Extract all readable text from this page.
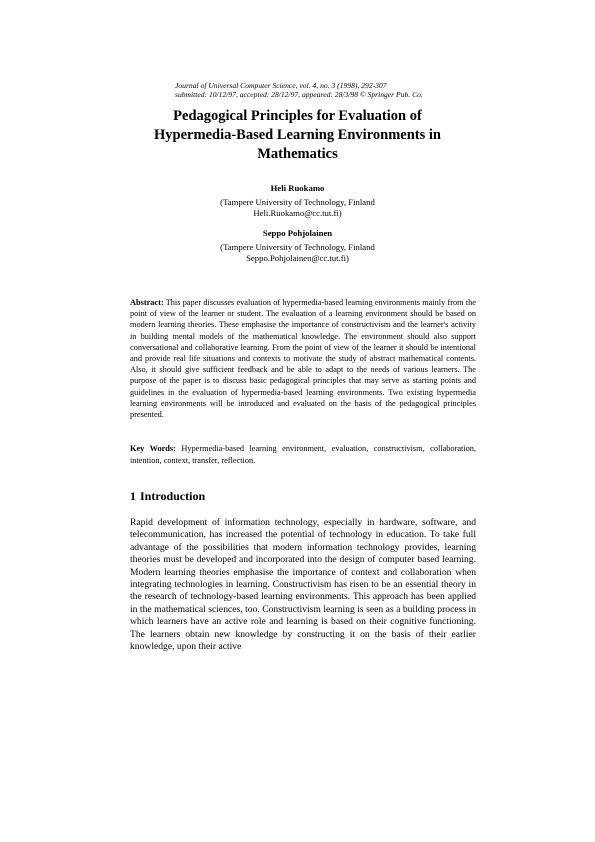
Journal of Universal Computer Science, vol. 4, no. 3 (1998), 292-307
submitted: 10/12/97, accepted: 28/12/97, appeared: 28/3/98 © Springer Pub. Co.
Pedagogical Principles for Evaluation of
Hypermedia-Based Learning Environments in
Mathematics
Heli Ruokamo
(Tampere University of Technology, Finland
Heli.Ruokamo@cc.tut.fi)
Seppo Pohjolainen
(Tampere University of Technology, Finland
Seppo.Pohjolainen@cc.tut.fi)
Abstract: This paper discusses evaluation of hypermedia-based learning environments mainly from the point of view of the learner or student. The evaluation of a learning environment should be based on modern learning theories. These emphasise the importance of constructivism and the learner's activity in building mental models of the mathematical knowledge. The environment should also support conversational and collaborative learning. From the point of view of the learner it should be intentional and provide real life situations and contexts to motivate the study of abstract mathematical contents. Also, it should give sufficient feedback and be able to adapt to the needs of various learners. The purpose of the paper is to discuss basic pedagogical principles that may serve as starting points and guidelines in the evaluation of hypermedia-based learning environments. Two existing hypermedia learning environments will be introduced and evaluated on the basis of the pedagogical principles presented.
Key Words: Hypermedia-based learning environment, evaluation, constructivism, collaboration, intention, context, transfer, reflection.
1 Introduction
Rapid development of information technology, especially in hardware, software, and telecommunication, has increased the potential of technology in education. To take full advantage of the possibilities that modern information technology provides, learning theories must be developed and incorporated into the design of computer based learning. Modern learning theories emphasise the importance of context and collaboration when integrating technologies in learning. Constructivism has risen to be an essential theory in the research of technology-based learning environments. This approach has been applied in the mathematical sciences, too. Constructivism learning is seen as a building process in which learners have an active role and learning is based on their cognitive functioning. The learners obtain new knowledge by constructing it on the basis of their earlier knowledge, upon their active
